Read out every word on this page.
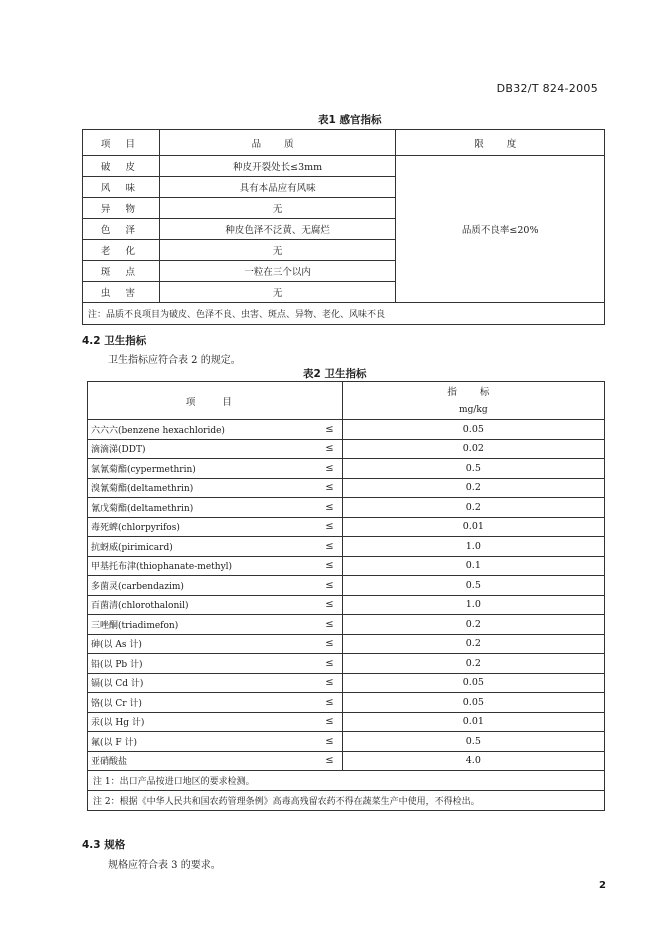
DB32/T 824-2005
表1 感官指标
项 目	品 质	限 度
破 皮	种皮开裂处长≤3mm	品质不良率≤20%
风 味	具有本品应有风味	
异 物	无	
色 泽	种皮色泽不泛黄、无腐烂	
老 化	无	
斑 点	一粒在三个以内	
虫 害	无	
注：品质不良项目为破皮、色泽不良、虫害、斑点、异物、老化、风味不良		
4.2 卫生指标
卫生指标应符合表 2 的规定。
表2 卫生指标
项 目		指 标
		mg/kg
六六六(benzene hexachloride)	≤	0.05
滴滴涕(DDT)	≤	0.02
氯氰菊酯(cypermethrin)	≤	0.5
溴氰菊酯(deltamethrin)	≤	0.2
氰戊菊酯(deltamethrin)	≤	0.2
毒死蜱(chlorpyrifos)	≤	0.01
抗蚜威(pirimicard)	≤	1.0
甲基托布津(thiophanate-methyl)	≤	0.1
多菌灵(carbendazim)	≤	0.5
百菌清(chlorothalonil)	≤	1.0
三唑酮(triadimefon)	≤	0.2
砷(以 As 计)	≤	0.2
铅(以 Pb 计)	≤	0.2
镉(以 Cd 计)	≤	0.05
铬(以 Cr 计)	≤	0.05
汞(以 Hg 计)	≤	0.01
氟(以 F 计)	≤	0.5
亚硝酸盐	≤	4.0
注 1：出口产品按进口地区的要求检测。		
注 2：根据《中华人民共和国农药管理条例》高毒高残留农药不得在蔬菜生产中使用，不得检出。		
4.3 规格
规格应符合表 3 的要求。
2
